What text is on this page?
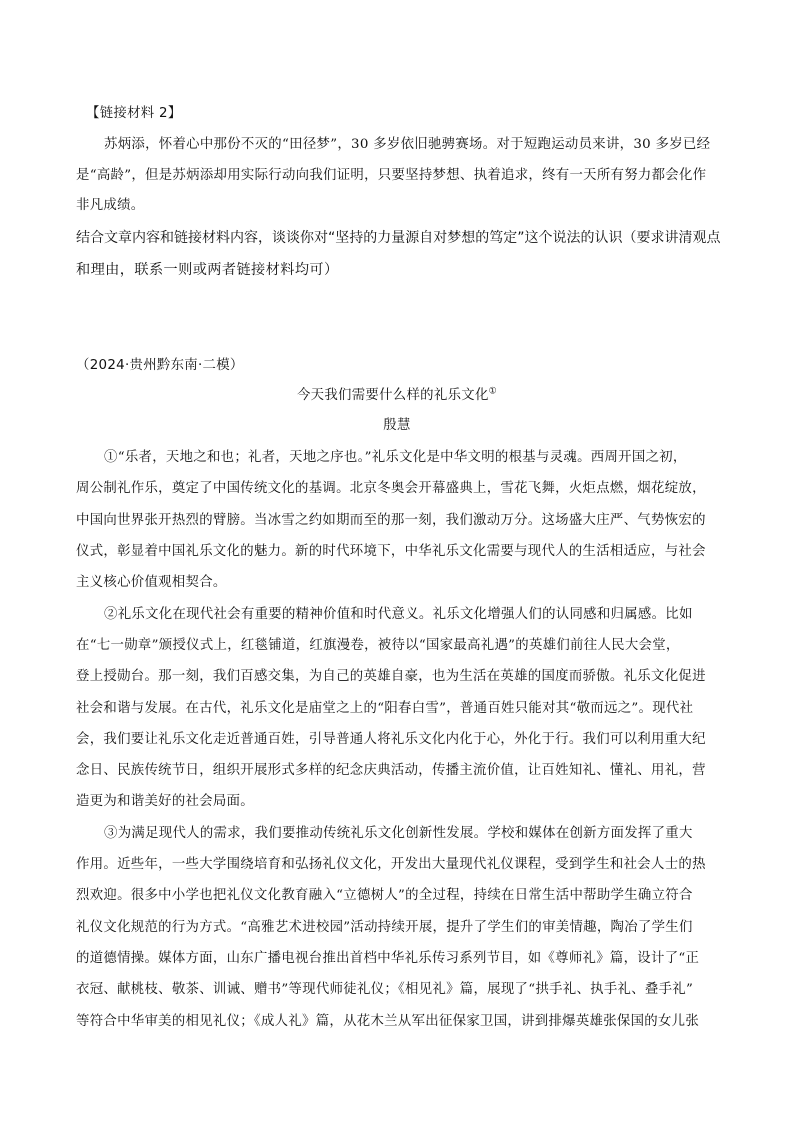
【链接材料 2】
苏炳添，怀着心中那份不灭的“田径梦”，30 多岁依旧驰骋赛场。对于短跑运动员来讲，30 多岁已经
是“高龄”，但是苏炳添却用实际行动向我们证明，只要坚持梦想、执着追求，终有一天所有努力都会化作
非凡成绩。
结合文章内容和链接材料内容，谈谈你对“坚持的力量源自对梦想的笃定”这个说法的认识（要求讲清观点
和理由，联系一则或两者链接材料均可）
（2024·贵州黔东南·二模）
今天我们需要什么样的礼乐文化①
殷慧
①“乐者，天地之和也；礼者，天地之序也。”礼乐文化是中华文明的根基与灵魂。西周开国之初，
周公制礼作乐，奠定了中国传统文化的基调。北京冬奥会开幕盛典上，雪花飞舞，火炬点燃，烟花绽放，
中国向世界张开热烈的臂膀。当冰雪之约如期而至的那一刻，我们激动万分。这场盛大庄严、气势恢宏的
仪式，彰显着中国礼乐文化的魅力。新的时代环境下，中华礼乐文化需要与现代人的生活相适应，与社会
主义核心价值观相契合。
②礼乐文化在现代社会有重要的精神价值和时代意义。礼乐文化增强人们的认同感和归属感。比如
在“七一勋章”颁授仪式上，红毯铺道，红旗漫卷，被待以“国家最高礼遇”的英雄们前往人民大会堂，
登上授勋台。那一刻，我们百感交集，为自己的英雄自豪，也为生活在英雄的国度而骄傲。礼乐文化促进
社会和谐与发展。在古代，礼乐文化是庙堂之上的“阳春白雪”，普通百姓只能对其“敬而远之”。现代社
会，我们要让礼乐文化走近普通百姓，引导普通人将礼乐文化内化于心，外化于行。我们可以利用重大纪
念日、民族传统节日，组织开展形式多样的纪念庆典活动，传播主流价值，让百姓知礼、懂礼、用礼，营
造更为和谐美好的社会局面。
③为满足现代人的需求，我们要推动传统礼乐文化创新性发展。学校和媒体在创新方面发挥了重大
作用。近些年，一些大学围绕培育和弘扬礼仪文化，开发出大量现代礼仪课程，受到学生和社会人士的热
烈欢迎。很多中小学也把礼仪文化教育融入“立德树人”的全过程，持续在日常生活中帮助学生确立符合
礼仪文化规范的行为方式。“高雅艺术进校园”活动持续开展，提升了学生们的审美情趣，陶冶了学生们
的道德情操。媒体方面，山东广播电视台推出首档中华礼乐传习系列节目，如《尊师礼》篇，设计了“正
衣冠、献桃枝、敬茶、训诫、赠书”等现代师徒礼仪；《相见礼》篇，展现了“拱手礼、执手礼、叠手礼”
等符合中华审美的相见礼仪；《成人礼》篇，从花木兰从军出征保家卫国，讲到排爆英雄张保国的女儿张
